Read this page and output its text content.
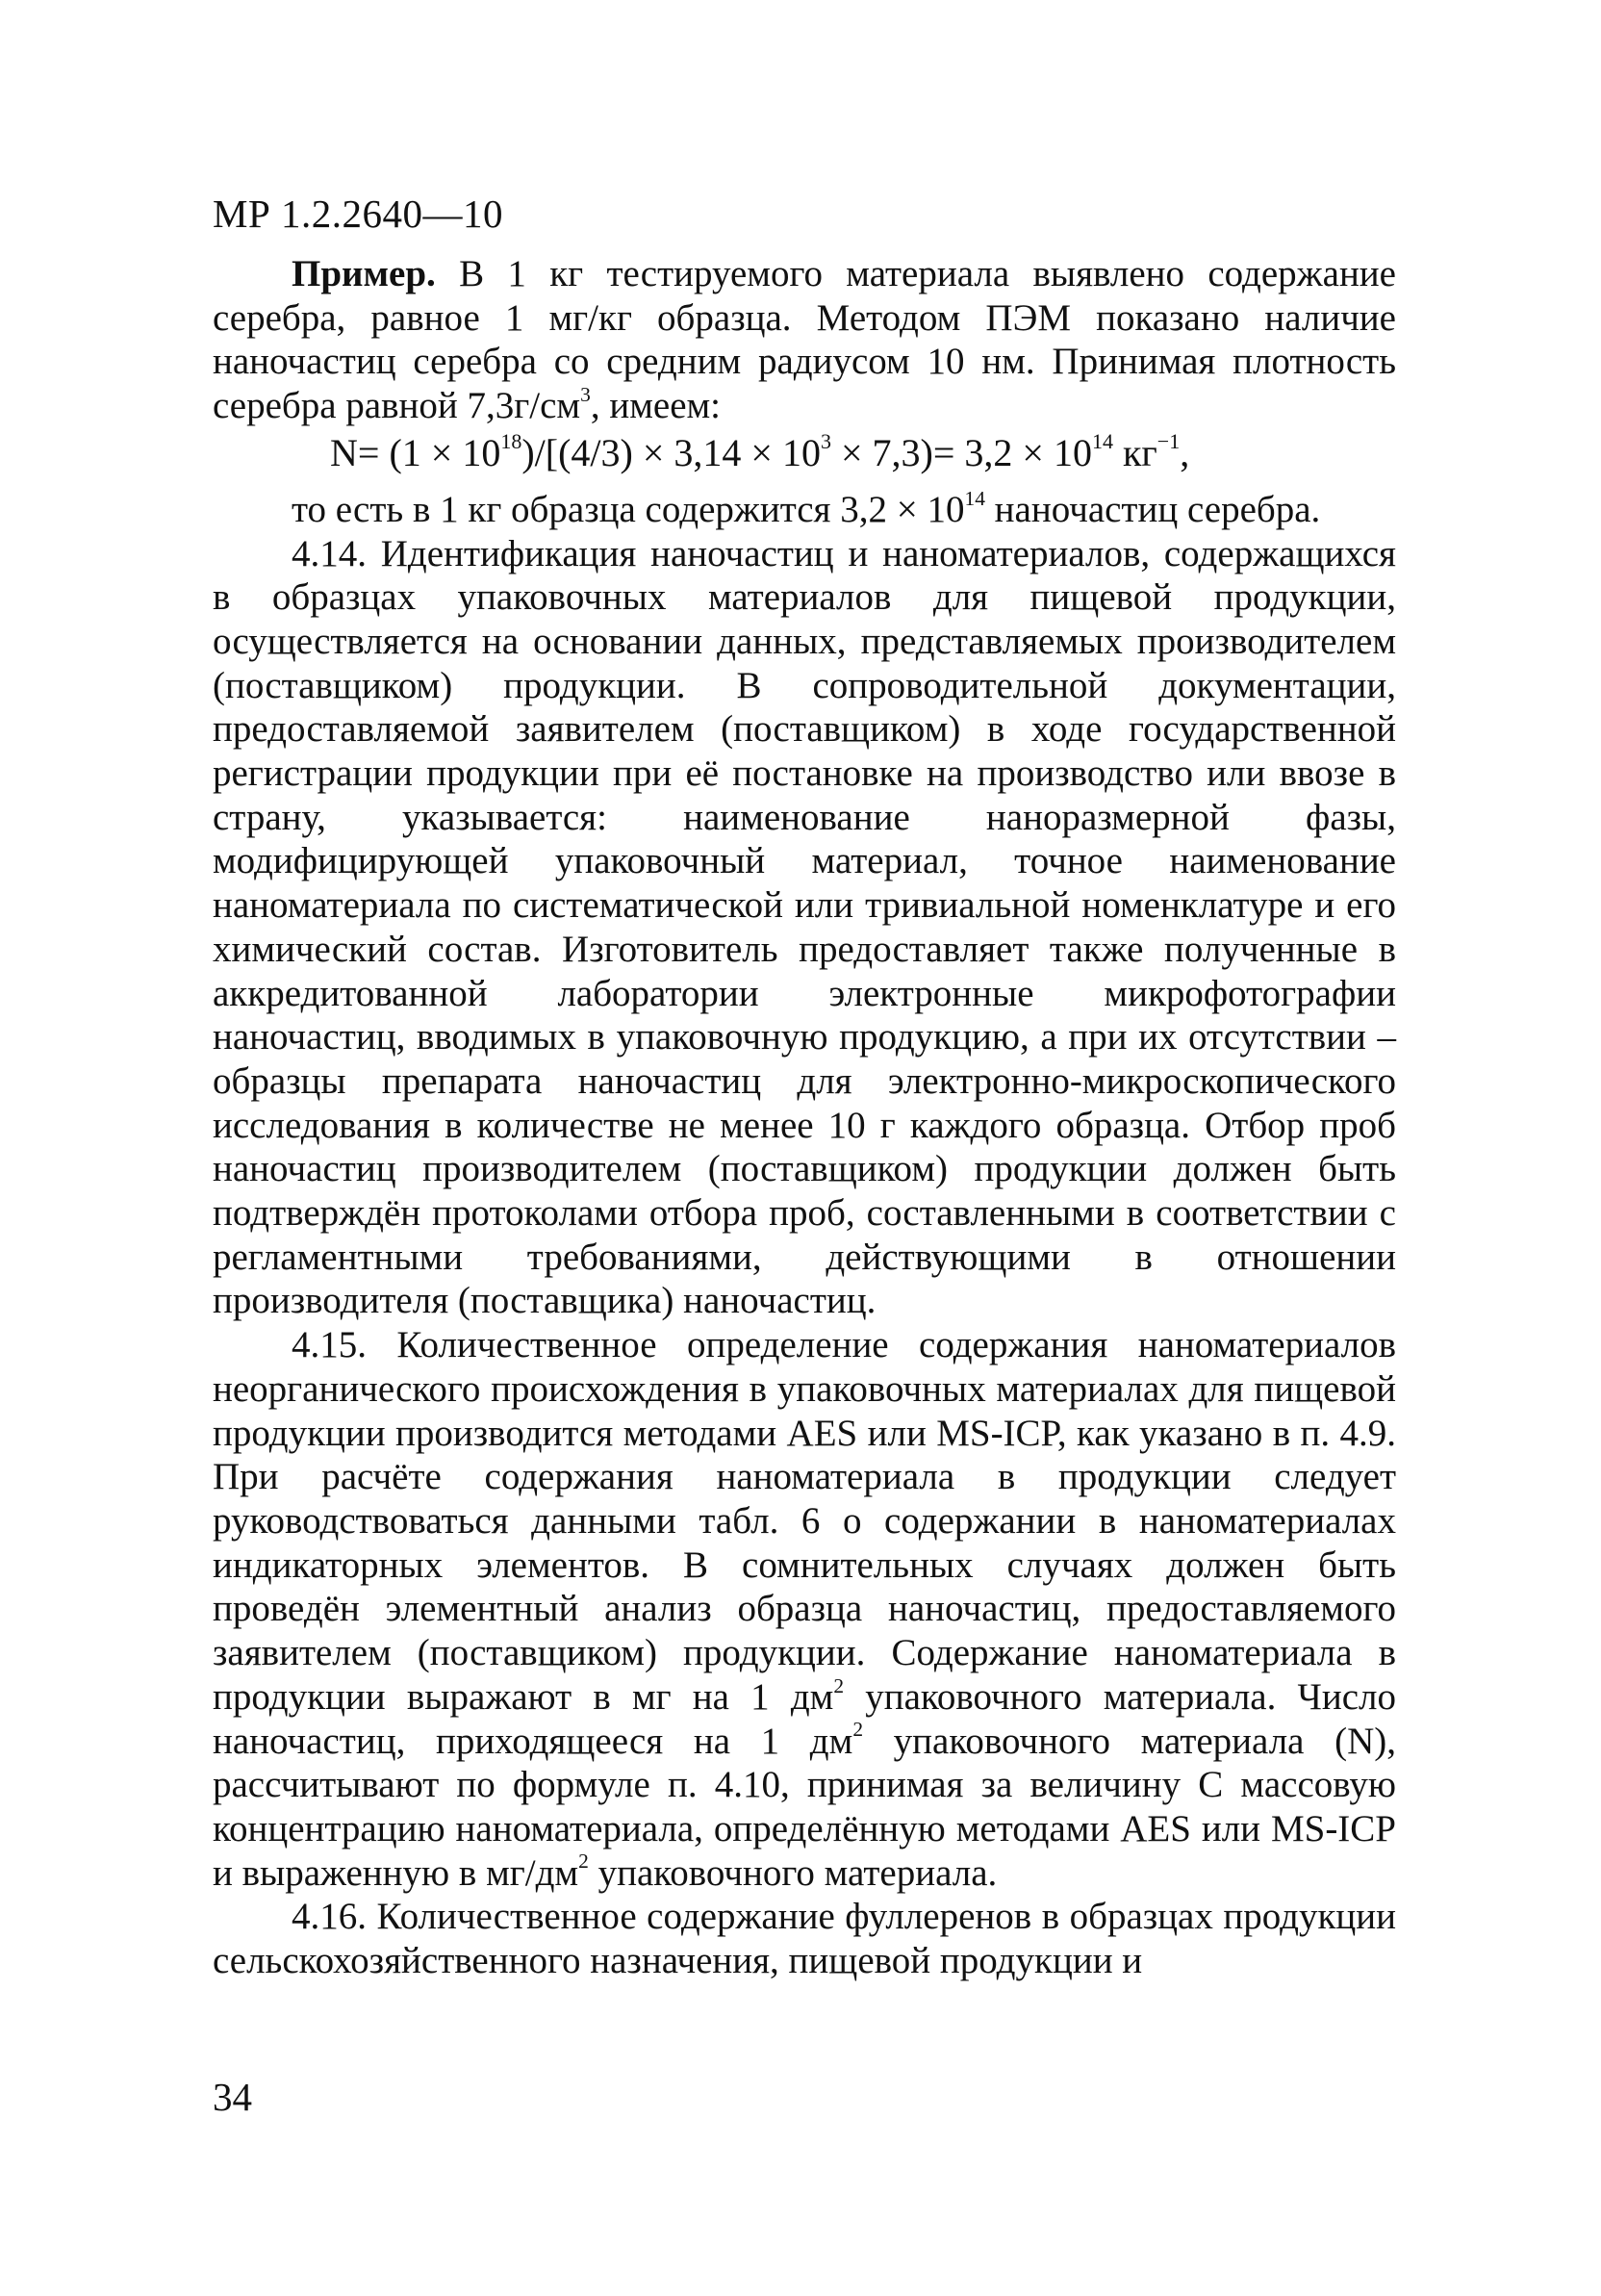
МР 1.2.2640—10

Пример. В 1 кг тестируемого материала выявлено содержание серебра, равное 1 мг/кг образца. Методом ПЭМ показано наличие наночастиц серебра со средним радиусом 10 нм. Принимая плотность серебра равной $7,3г/см^3$, имеем:

$N= (1 \times 10^{18})/[(4/3) \times 3,14 \times 10^3 \times 7,3)= 3,2 \times 10^{14}$ $кг^{-1}$,

то есть в 1 кг образца содержится $3,2 \times 10^{14}$ наночастиц серебра.

4.14. Идентификация наночастиц и наноматериалов, содержащихся в образцах упаковочных материалов для пищевой продукции, осуществляется на основании данных, представляемых производителем (поставщиком) продукции. В сопроводительной документации, предоставляемой заявителем (поставщиком) в ходе государственной регистрации продукции при её постановке на производство или ввозе в страну, указывается: наименование наноразмерной фазы, модифицирующей упаковочный материал, точное наименование наноматериала по систематической или тривиальной номенклатуре и его химический состав. Изготовитель предоставляет также полученные в аккредитованной лаборатории электронные микрофотографии наночастиц, вводимых в упаковочную продукцию, а при их отсутствии – образцы препарата наночастиц для электронно-микроскопического исследования в количестве не менее 10 г каждого образца. Отбор проб наночастиц производителем (поставщиком) продукции должен быть подтверждён протоколами отбора проб, составленными в соответствии с регламентными требованиями, действующими в отношении производителя (поставщика) наночастиц.

4.15. Количественное определение содержания наноматериалов неорганического происхождения в упаковочных материалах для пищевой продукции производится методами AES или MS-ICP, как указано в п. 4.9. При расчёте содержания наноматериала в продукции следует руководствоваться данными табл. 6 о содержании в наноматериалах индикаторных элементов. В сомнительных случаях должен быть проведён элементный анализ образца наночастиц, предоставляемого заявителем (поставщиком) продукции. Содержание наноматериала в продукции выражают в мг на 1 $дм^2$ упаковочного материала. Число наночастиц, приходящееся на 1 $дм^2$ упаковочного материала (N), рассчитывают по формуле п. 4.10, принимая за величину С массовую концентрацию наноматериала, определённую методами AES или MS-ICP и выраженную в $мг/дм^2$ упаковочного материала.

4.16. Количественное содержание фуллеренов в образцах продукции сельскохозяйственного назначения, пищевой продукции и

34
